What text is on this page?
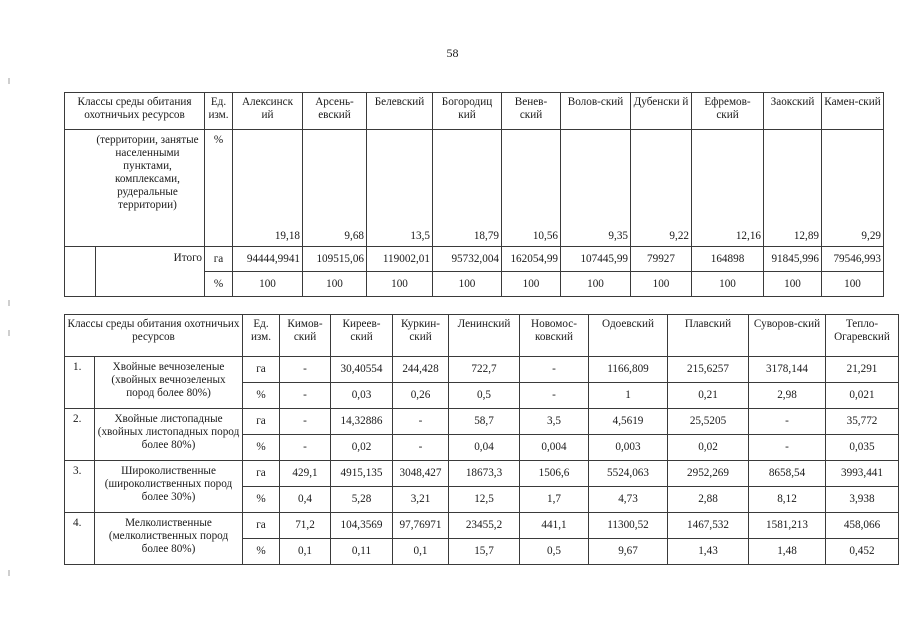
58
Классы среды обитания охотничьих ресурсов		Ед. изм.	Алексинск ий	Арсень-евский	Белевский	Богородиц кий	Венев-ский	Волов-ский	Дубенски й	Ефремов-ский	Заокский	Камен-ский
(территории, занятые населенными пунктами, комплексами, рудеральные территории)		%	19,18	9,68	13,5	18,79	10,56	9,35	9,22	12,16	12,89	9,29
	Итого	га	94444,9941	109515,06	119002,01	95732,004	162054,99	107445,99	79927	164898	91845,996	79546,993
		%	100	100	100	100	100	100	100	100	100	100
Классы среды обитания охотничьих ресурсов		Ед. изм.	Кимов-ский	Киреев-ский	Куркин-ский	Ленинский	Новомос-ковский	Одоевский	Плавский	Суворов-ский	Тепло-Огаревский
1.	Хвойные вечнозеленые (хвойных вечнозеленых пород более 80%)	га	-	30,40554	244,428	722,7	-	1166,809	215,6257	3178,144	21,291
		%	-	0,03	0,26	0,5	-	1	0,21	2,98	0,021
2.	Хвойные листопадные (хвойных листопадных пород более 80%)	га	-	14,32886	-	58,7	3,5	4,5619	25,5205	-	35,772
		%	-	0,02	-	0,04	0,004	0,003	0,02	-	0,035
3.	Широколиственные (широколиственных пород более 30%)	га	429,1	4915,135	3048,427	18673,3	1506,6	5524,063	2952,269	8658,54	3993,441
		%	0,4	5,28	3,21	12,5	1,7	4,73	2,88	8,12	3,938
4.	Мелколиственные (мелколиственных пород более 80%)	га	71,2	104,3569	97,76971	23455,2	441,1	11300,52	1467,532	1581,213	458,066
		%	0,1	0,11	0,1	15,7	0,5	9,67	1,43	1,48	0,452
